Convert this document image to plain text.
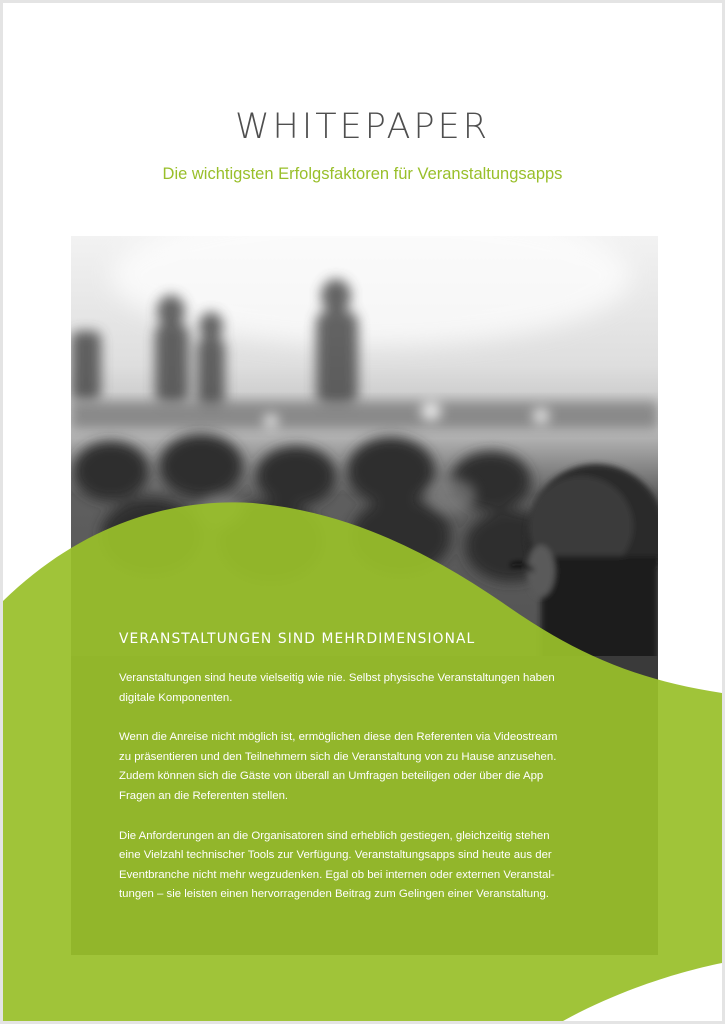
WHITEPAPER
Die wichtigsten Erfolgsfaktoren für Veranstaltungsapps
VERANSTALTUNGEN SIND MEHRDIMENSIONAL

Veranstaltungen sind heute vielseitig wie nie. Selbst physische Veranstaltungen haben
digitale Komponenten.

Wenn die Anreise nicht möglich ist, ermöglichen diese den Referenten via Videostream
zu präsentieren und den Teilnehmern sich die Veranstaltung von zu Hause anzusehen.
Zudem können sich die Gäste von überall an Umfragen beteiligen oder über die App
Fragen an die Referenten stellen.

Die Anforderungen an die Organisatoren sind erheblich gestiegen, gleichzeitig stehen
eine Vielzahl technischer Tools zur Verfügung. Veranstaltungsapps sind heute aus der
Eventbranche nicht mehr wegzudenken. Egal ob bei internen oder externen Veranstal-
tungen – sie leisten einen hervorragenden Beitrag zum Gelingen einer Veranstaltung.
